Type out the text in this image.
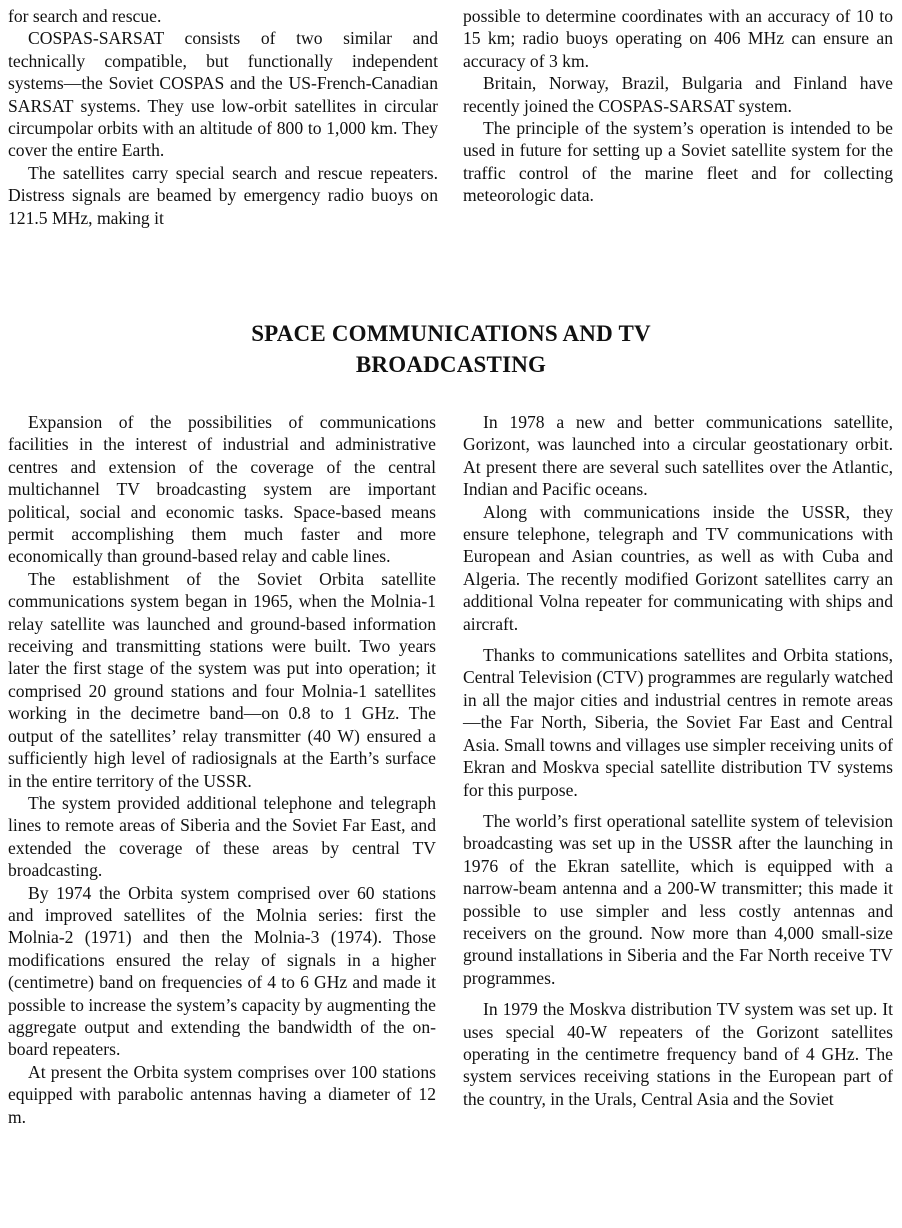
for search and rescue.

COSPAS-SARSAT consists of two similar and technically compatible, but functionally independent systems—the Soviet COSPAS and the US-French-Canadian SARSAT systems. They use low-orbit satellites in circular circumpolar orbits with an altitude of 800 to 1,000 km. They cover the entire Earth.

The satellites carry special search and rescue repeaters. Distress signals are beamed by emergency radio buoys on 121.5 MHz, making it

possible to determine coordinates with an accuracy of 10 to 15 km; radio buoys operating on 406 MHz can ensure an accuracy of 3 km.

Britain, Norway, Brazil, Bulgaria and Finland have recently joined the COSPAS-SARSAT system.

The principle of the system’s operation is intended to be used in future for setting up a Soviet satellite system for the traffic control of the marine fleet and for collecting meteorologic data.

SPACE COMMUNICATIONS AND TV
BROADCASTING

Expansion of the possibilities of communications facilities in the interest of industrial and administrative centres and extension of the coverage of the central multichannel TV broadcasting system are important political, social and economic tasks. Space-based means permit accomplishing them much faster and more economically than ground-based relay and cable lines.

The establishment of the Soviet Orbita satellite communications system began in 1965, when the Molnia-1 relay satellite was launched and ground-based information receiving and transmitting stations were built. Two years later the first stage of the system was put into operation; it comprised 20 ground stations and four Molnia-1 satellites working in the decimetre band—on 0.8 to 1 GHz. The output of the satellites’ relay transmitter (40 W) ensured a sufficiently high level of radiosignals at the Earth’s surface in the entire territory of the USSR.

The system provided additional telephone and telegraph lines to remote areas of Siberia and the Soviet Far East, and extended the coverage of these areas by central TV broadcasting.

By 1974 the Orbita system comprised over 60 stations and improved satellites of the Molnia series: first the Molnia-2 (1971) and then the Molnia-3 (1974). Those modifications ensured the relay of signals in a higher (centimetre) band on frequencies of 4 to 6 GHz and made it possible to increase the system’s capacity by augmenting the aggregate output and extending the bandwidth of the on-board repeaters.

At present the Orbita system comprises over 100 stations equipped with parabolic antennas having a diameter of 12 m.

In 1978 a new and better communications satellite, Gorizont, was launched into a circular geostationary orbit. At present there are several such satellites over the Atlantic, Indian and Pacific oceans.

Along with communications inside the USSR, they ensure telephone, telegraph and TV communications with European and Asian countries, as well as with Cuba and Algeria. The recently modified Gorizont satellites carry an additional Volna repeater for communicating with ships and aircraft.

Thanks to communications satellites and Orbita stations, Central Television (CTV) programmes are regularly watched in all the major cities and industrial centres in remote areas—the Far North, Siberia, the Soviet Far East and Central Asia. Small towns and villages use simpler receiving units of Ekran and Moskva special satellite distribution TV systems for this purpose.

The world’s first operational satellite system of television broadcasting was set up in the USSR after the launching in 1976 of the Ekran satellite, which is equipped with a narrow-beam antenna and a 200-W transmitter; this made it possible to use simpler and less costly antennas and receivers on the ground. Now more than 4,000 small-size ground installations in Siberia and the Far North receive TV programmes.

In 1979 the Moskva distribution TV system was set up. It uses special 40-W repeaters of the Gorizont satellites operating in the centimetre frequency band of 4 GHz. The system services receiving stations in the European part of the country, in the Urals, Central Asia and the Soviet
